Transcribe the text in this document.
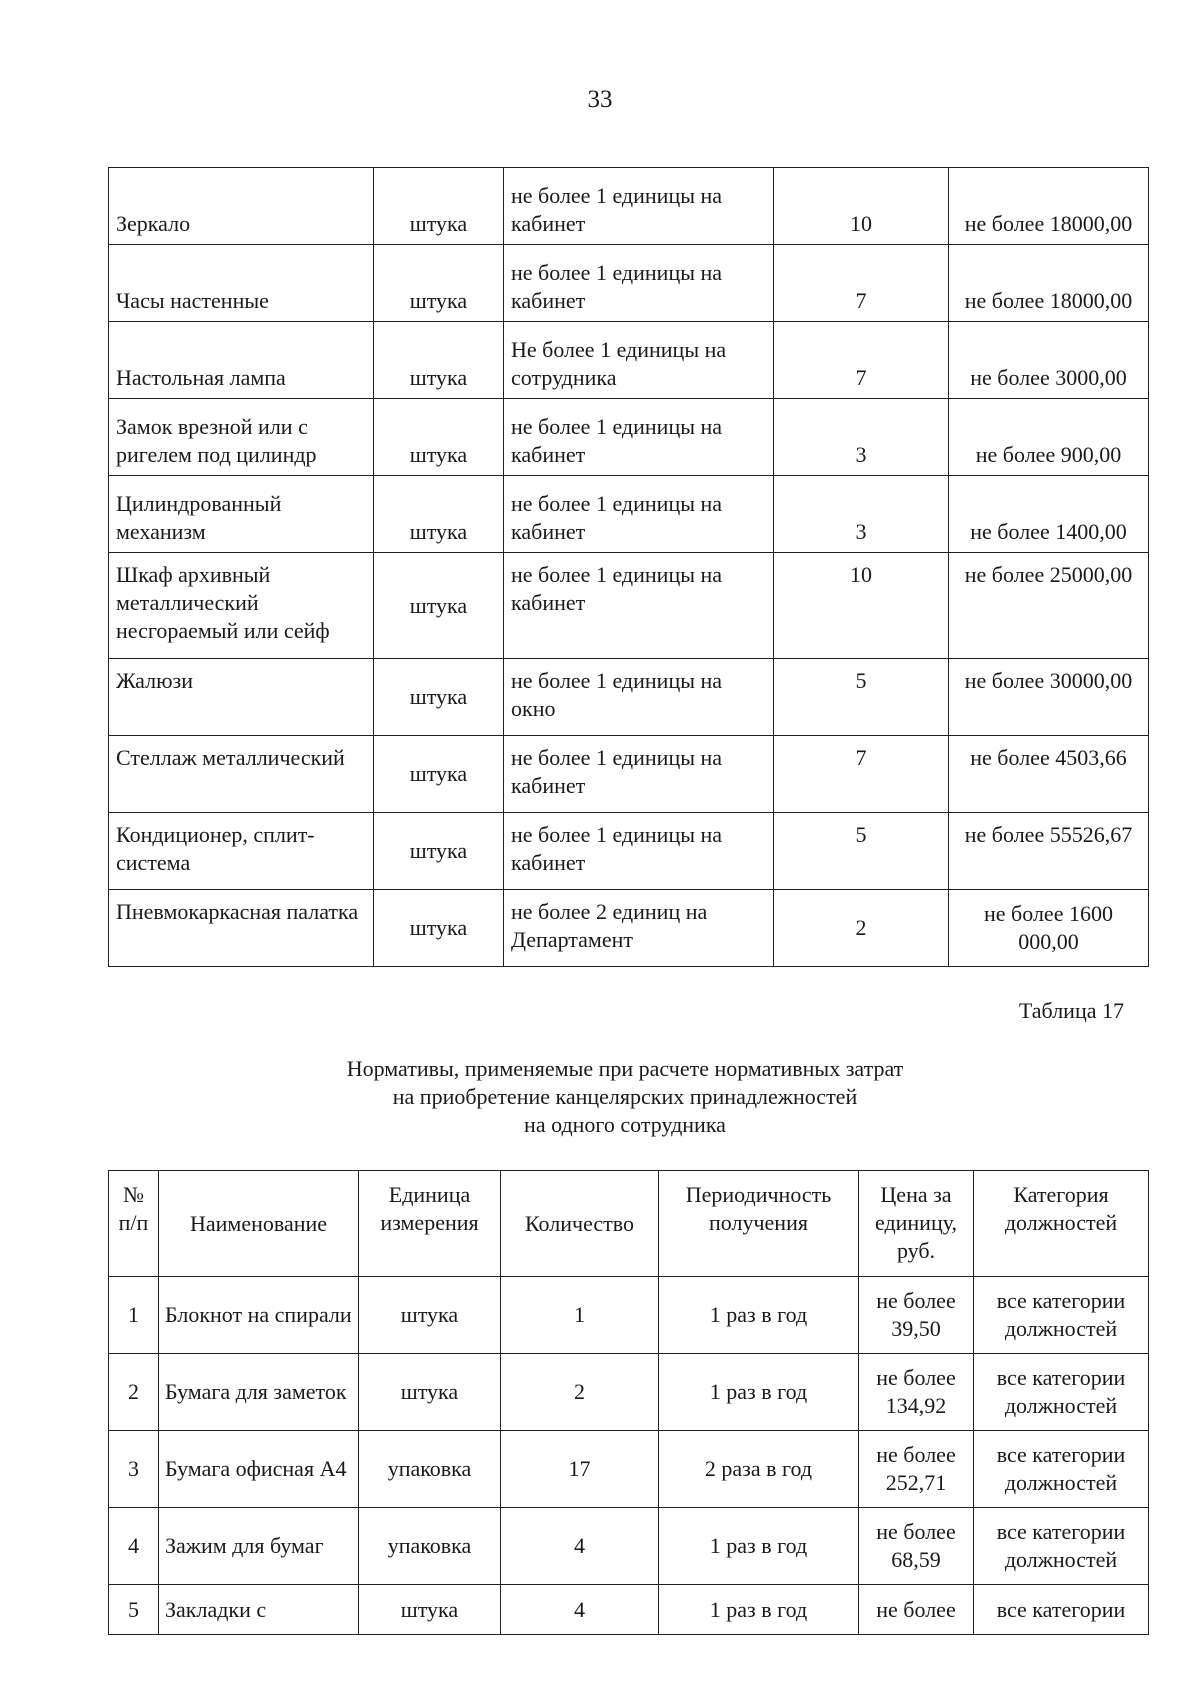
33
Зеркало	штука	не более 1 единицы на кабинет	10	не более 18000,00
Часы настенные	штука	не более 1 единицы на кабинет	7	не более 18000,00
Настольная лампа	штука	Не более 1 единицы на сотрудника	7	не более 3000,00
Замок врезной или с ригелем под цилиндр	штука	не более 1 единицы на кабинет	3	не более 900,00
Цилиндрованный механизм	штука	не более 1 единицы на кабинет	3	не более 1400,00
Шкаф архивный металлический несгораемый или сейф	штука	не более 1 единицы на кабинет	10	не более 25000,00
Жалюзи	штука	не более 1 единицы на окно	5	не более 30000,00
Стеллаж металлический	штука	не более 1 единицы на кабинет	7	не более 4503,66
Кондиционер, сплит-система	штука	не более 1 единицы на кабинет	5	не более 55526,67
Пневмокаркасная палатка	штука	не более 2 единиц на Департамент	2	не более 1600 000,00
Таблица 17
Нормативы, применяемые при расчете нормативных затрат
на приобретение канцелярских принадлежностей
на одного сотрудника
№ п/п	Наименование	Единица измерения	Количество	Периодичность получения	Цена за единицу, руб.	Категория должностей
1	Блокнот на спирали	штука	1	1 раз в год	не более 39,50	все категории должностей
2	Бумага для заметок	штука	2	1 раз в год	не более 134,92	все категории должностей
3	Бумага офисная А4	упаковка	17	2 раза в год	не более 252,71	все категории должностей
4	Зажим для бумаг	упаковка	4	1 раз в год	не более 68,59	все категории должностей
5	Закладки с	штука	4	1 раз в год	не более	все категории
